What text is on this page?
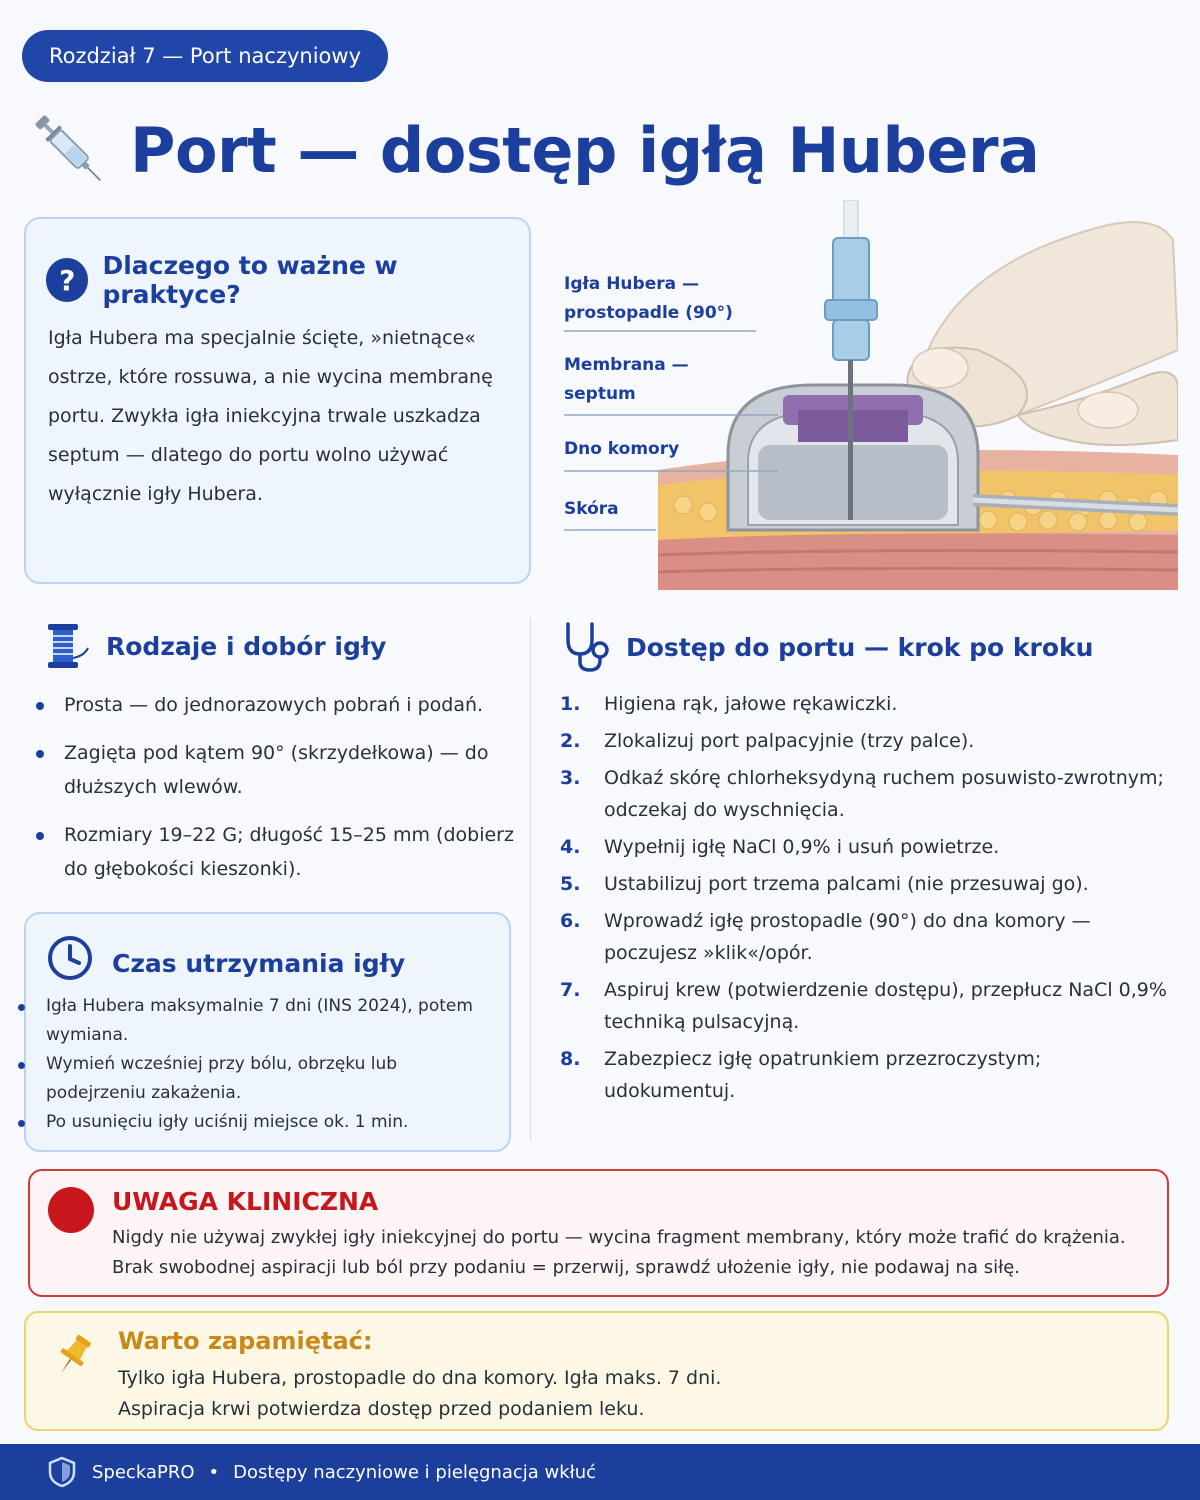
Rozdział 7 — Port naczyniowy
Port — dostęp igłą Hubera
?	Dlaczego to ważne w praktyce?
Igła Hubera ma specjalnie ścięte, »nietnące« ostrze, które rossuwa, a nie wycina membranę portu. Zwykła igła iniekcyjna trwale uszkadza septum — dlatego do portu wolno używać wyłącznie igły Hubera.
Igła Hubera — prostopadle (90°)
Membrana — septum
Dno komory
Skóra
Rodzaje i dobór igły
Prosta — do jednorazowych pobrań i podań.
Zagięta pod kątem 90° (skrzydełkowa) — do dłuższych wlewów.
Rozmiary 19–22 G; długość 15–25 mm (dobierz do głębokości kieszonki).
Czas utrzymania igły
Igła Hubera maksymalnie 7 dni (INS 2024), potem wymiana.
Wymień wcześniej przy bólu, obrzęku lub podejrzeniu zakażenia.
Po usunięciu igły uciśnij miejsce ok. 1 min.
Dostęp do portu — krok po kroku
1.	Higiena rąk, jałowe rękawiczki.
2.	Zlokalizuj port palpacyjnie (trzy palce).
3.	Odkaź skórę chlorheksydyną ruchem posuwisto-zwrotnym; odczekaj do wyschnięcia.
4.	Wypełnij igłę NaCl 0,9% i usuń powietrze.
5.	Ustabilizuj port trzema palcami (nie przesuwaj go).
6.	Wprowadź igłę prostopadle (90°) do dna komory — poczujesz »klik«/opór.
7.	Aspiruj krew (potwierdzenie dostępu), przepłucz NaCl 0,9% techniką pulsacyjną.
8.	Zabezpiecz igłę opatrunkiem przezroczystym; udokumentuj.
UWAGA KLINICZNA
Nigdy nie używaj zwykłej igły iniekcyjnej do portu — wycina fragment membrany, który może trafić do krążenia. Brak swobodnej aspiracji lub ból przy podaniu = przerwij, sprawdź ułożenie igły, nie podawaj na siłę.
Warto zapamiętać:
Tylko igła Hubera, prostopadle do dna komory. Igła maks. 7 dni.
Aspiracja krwi potwierdza dostęp przed podaniem leku.
SpeckaPRO • Dostępy naczyniowe i pielęgnacja wkłuć
